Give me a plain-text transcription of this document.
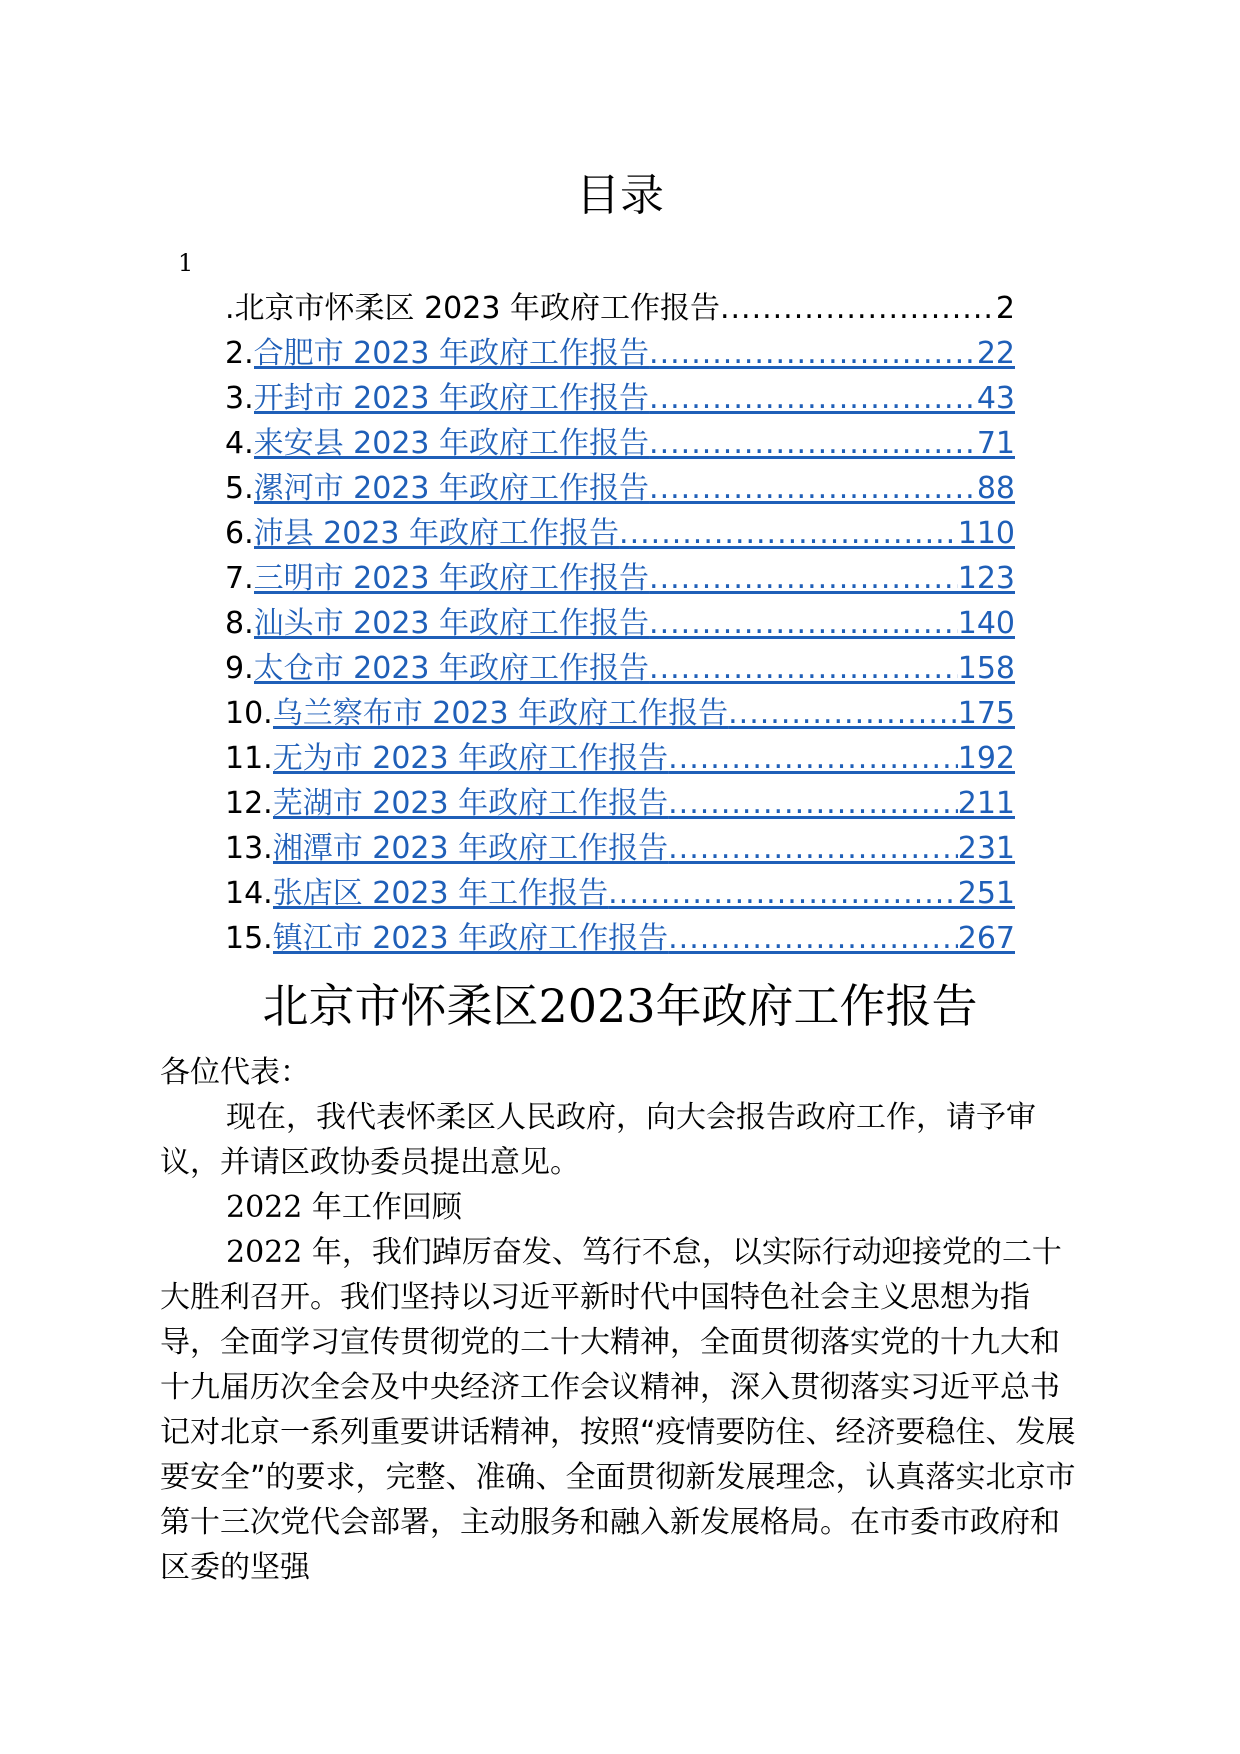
目录
1
.北京市怀柔区 2023 年政府工作报告 .....	2
2. 合肥市 2023 年政府工作报告 .....	22
3. 开封市 2023 年政府工作报告 .....	43
4. 来安县 2023 年政府工作报告 .....	71
5. 漯河市 2023 年政府工作报告 .....	88
6. 沛县 2023 年政府工作报告 .....	110
7. 三明市 2023 年政府工作报告 .....	123
8. 汕头市 2023 年政府工作报告 .....	140
9. 太仓市 2023 年政府工作报告 .....	158
10. 乌兰察布市 2023 年政府工作报告 .....	175
11. 无为市 2023 年政府工作报告 .....	192
12. 芜湖市 2023 年政府工作报告 .....	211
13. 湘潭市 2023 年政府工作报告 .....	231
14. 张店区 2023 年工作报告 .....	251
15. 镇江市 2023 年政府工作报告 .....	267
北京市怀柔区2023年政府工作报告

各位代表：

现在，我代表怀柔区人民政府，向大会报告政府工作，请予审议，并请区政协委员提出意见。

2022 年工作回顾

2022 年，我们踔厉奋发、笃行不怠，以实际行动迎接党的二十大胜利召开。我们坚持以习近平新时代中国特色社会主义思想为指导，全面学习宣传贯彻党的二十大精神，全面贯彻落实党的十九大和十九届历次全会及中央经济工作会议精神，深入贯彻落实习近平总书记对北京一系列重要讲话精神，按照“疫情要防住、经济要稳住、发展要安全”的要求，完整、准确、全面贯彻新发展理念，认真落实北京市第十三次党代会部署，主动服务和融入新发展格局。在市委市政府和区委的坚强
